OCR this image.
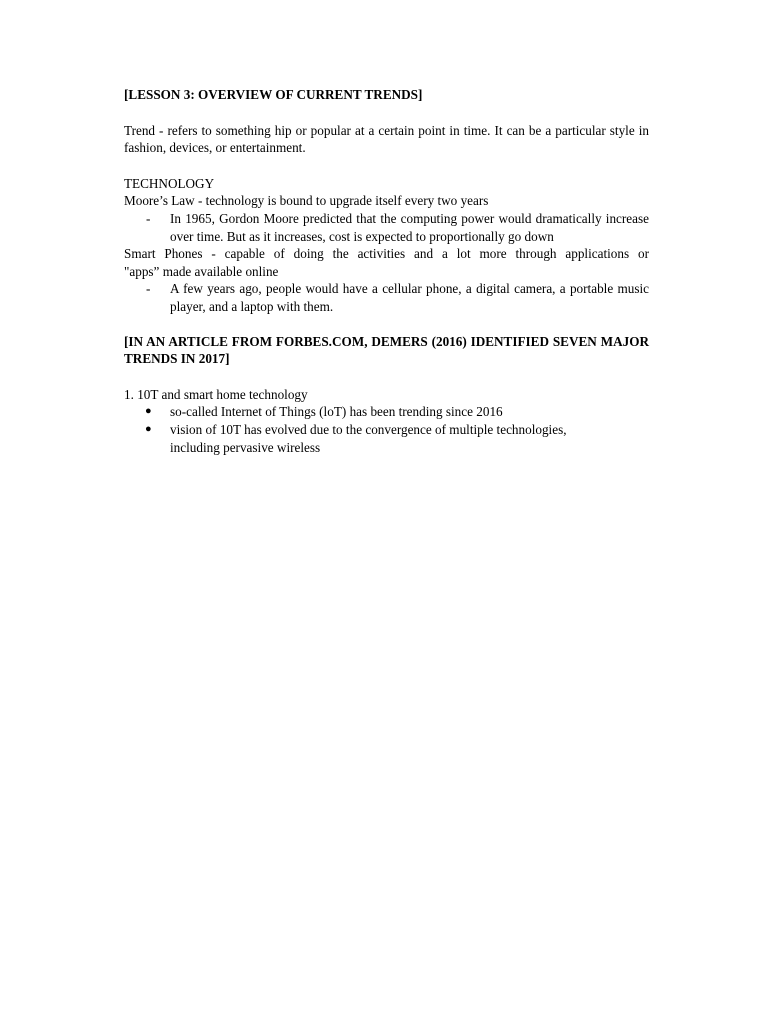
[LESSON 3: OVERVIEW OF CURRENT TRENDS]

Trend - refers to something hip or popular at a certain point in time. It can be a particular style in fashion, devices, or entertainment.

TECHNOLOGY

Moore’s Law - technology is bound to upgrade itself every two years

- In 1965, Gordon Moore predicted that the computing power would dramatically increase over time. But as it increases, cost is expected to proportionally go down

Smart Phones - capable of doing the activities and a lot more through applications or

"apps” made available online

- A few years ago, people would have a cellular phone, a digital camera, a portable music player, and a laptop with them.

[IN AN ARTICLE FROM FORBES.COM, DEMERS (2016) IDENTIFIED SEVEN MAJOR TRENDS IN 2017]

1. 10T and smart home technology

● so-called Internet of Things (loT) has been trending since 2016
● vision of 10T has evolved due to the convergence of multiple technologies, including pervasive wireless
